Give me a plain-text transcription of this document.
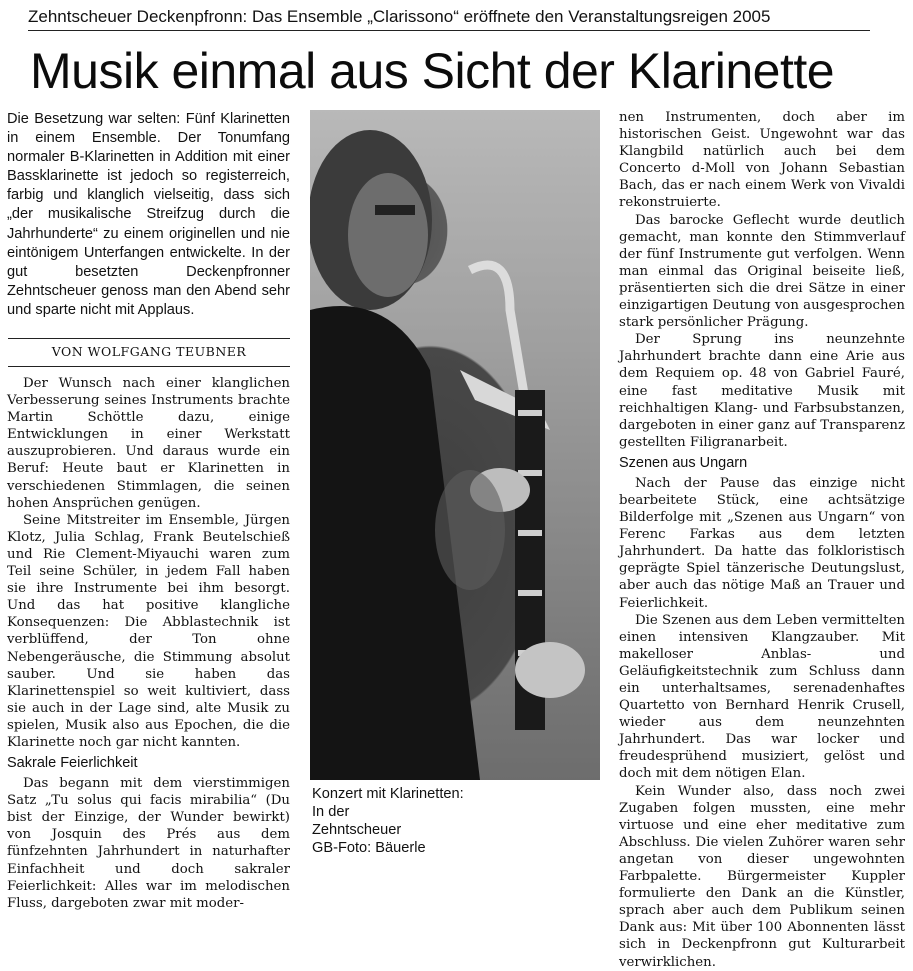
Zehntscheuer Deckenpfronn: Das Ensemble „Clarissono“ eröffnete den Veranstaltungsreigen 2005
Musik einmal aus Sicht der Klarinette
Die Besetzung war selten: Fünf Klarinetten in einem Ensemble. Der Tonumfang normaler B-Klarinetten in Addition mit einer Bassklarinette ist jedoch so registerreich, farbig und klanglich vielseitig, dass sich „der musikalische Streifzug durch die Jahrhunderte“ zu einem originellen und nie eintönigem Unterfangen entwickelte. In der gut besetzten Deckenpfronner Zehntscheuer genoss man den Abend sehr und sparte nicht mit Applaus.
VON WOLFGANG TEUBNER

Der Wunsch nach einer klanglichen Verbesserung seines Instruments brachte Martin Schöttle dazu, einige Entwicklungen in einer Werkstatt auszuprobieren. Und daraus wurde ein Beruf: Heute baut er Klarinetten in verschiedenen Stimmlagen, die seinen hohen Ansprüchen genügen.

Seine Mitstreiter im Ensemble, Jürgen Klotz, Julia Schlag, Frank Beutelschieß und Rie Clement-Miyauchi waren zum Teil seine Schüler, in jedem Fall haben sie ihre Instrumente bei ihm besorgt. Und das hat positive klangliche Konsequenzen: Die Abblastechnik ist verblüffend, der Ton ohne Nebengeräusche, die Stimmung absolut sauber. Und sie haben das Klarinettenspiel so weit kultiviert, dass sie auch in der Lage sind, alte Musik zu spielen, Musik also aus Epochen, die die Klarinette noch gar nicht kannten.

Sakrale Feierlichkeit

Das begann mit dem vierstimmigen Satz „Tu solus qui facis mirabilia“ (Du bist der Einzige, der Wunder bewirkt) von Josquin des Prés aus dem fünfzehnten Jahrhundert in naturhafter Einfachheit und doch sakraler Feierlichkeit: Alles war im melodischen Fluss, dargeboten zwar mit moder-

Konzert mit Klarinetten:
In der
Zehntscheuer
GB-Foto: Bäuerle

nen Instrumenten, doch aber im historischen Geist. Ungewohnt war das Klangbild natürlich auch bei dem Concerto d-Moll von Johann Sebastian Bach, das er nach einem Werk von Vivaldi rekonstruierte.

Das barocke Geflecht wurde deutlich gemacht, man konnte den Stimmverlauf der fünf Instrumente gut verfolgen. Wenn man einmal das Original beiseite ließ, präsentierten sich die drei Sätze in einer einzigartigen Deutung von ausgesprochen stark persönlicher Prägung.

Der Sprung ins neunzehnte Jahrhundert brachte dann eine Arie aus dem Requiem op. 48 von Gabriel Fauré, eine fast meditative Musik mit reichhaltigen Klang- und Farbsubstanzen, dargeboten in einer ganz auf Transparenz gestellten Filigranarbeit.

Szenen aus Ungarn

Nach der Pause das einzige nicht bearbeitete Stück, eine achtsätzige Bilderfolge mit „Szenen aus Ungarn“ von Ferenc Farkas aus dem letzten Jahrhundert. Da hatte das folkloristisch geprägte Spiel tänzerische Deutungslust, aber auch das nötige Maß an Trauer und Feierlichkeit.

Die Szenen aus dem Leben vermittelten einen intensiven Klangzauber. Mit makelloser Anblas- und Geläufigkeitstechnik zum Schluss dann ein unterhaltsames, serenadenhaftes Quartetto von Bernhard Henrik Crusell, wieder aus dem neunzehnten Jahrhundert. Das war locker und freudesprühend musiziert, gelöst und doch mit dem nötigen Elan.

Kein Wunder also, dass noch zwei Zugaben folgen mussten, eine mehr virtuose und eine eher meditative zum Abschluss. Die vielen Zuhörer waren sehr angetan von dieser ungewohnten Farbpalette. Bürgermeister Kuppler formulierte den Dank an die Künstler, sprach aber auch dem Publikum seinen Dank aus: Mit über 100 Abonnenten lässt sich in Deckenpfronn gut Kulturarbeit verwirklichen.
